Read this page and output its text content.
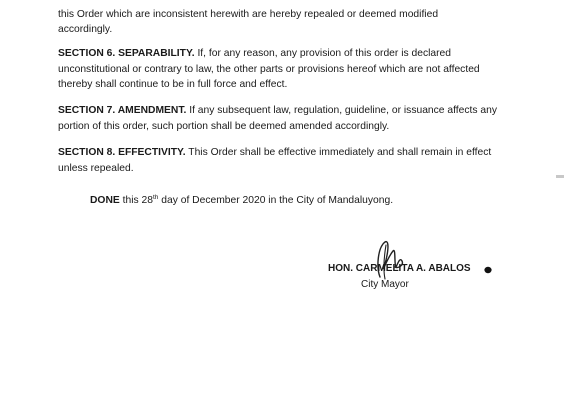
this Order which are inconsistent herewith are hereby repealed or deemed modified
accordingly.

SECTION 6. SEPARABILITY. If, for any reason, any provision of this order is declared unconstitutional or contrary to law, the other parts or provisions hereof which are not affected thereby shall continue to be in full force and effect.

SECTION 7. AMENDMENT. If any subsequent law, regulation, guideline, or issuance affects any portion of this order, such portion shall be deemed amended accordingly.

SECTION 8. EFFECTIVITY. This Order shall be effective immediately and shall remain in effect unless repealed.

DONE this 28th day of December 2020 in the City of Mandaluyong.
HON. CARMELITA A. ABALOS
City Mayor
